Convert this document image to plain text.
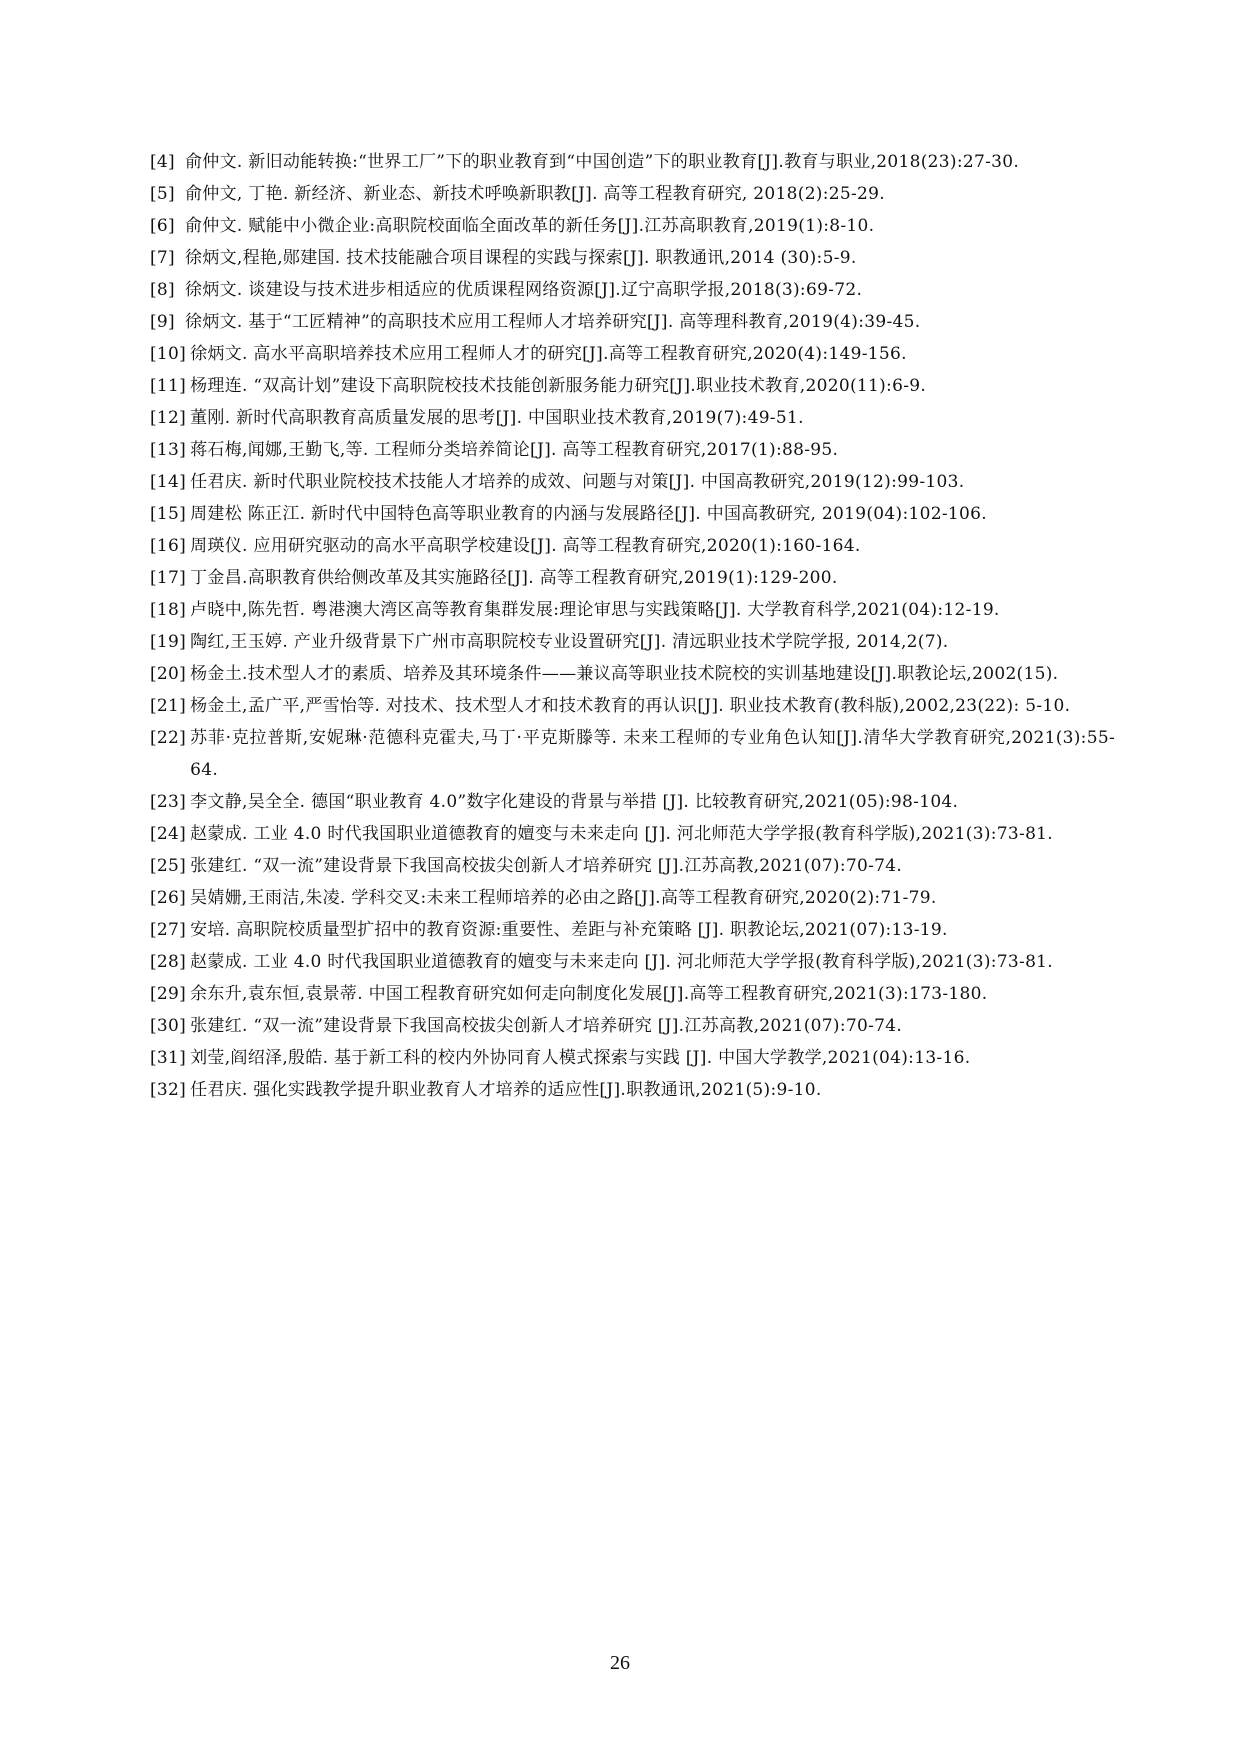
[4] 俞仲文. 新旧动能转换:“世界工厂”下的职业教育到“中国创造”下的职业教育[J].教育与职业,2018(23):27-30.
[5] 俞仲文, 丁艳. 新经济、新业态、新技术呼唤新职教[J]. 高等工程教育研究, 2018(2):25-29.
[6] 俞仲文. 赋能中小微企业:高职院校面临全面改革的新任务[J].江苏高职教育,2019(1):8-10.
[7] 徐炳文,程艳,郧建国. 技术技能融合项目课程的实践与探索[J]. 职教通讯,2014 (30):5-9.
[8] 徐炳文. 谈建设与技术进步相适应的优质课程网络资源[J].辽宁高职学报,2018(3):69-72.
[9] 徐炳文. 基于“工匠精神”的高职技术应用工程师人才培养研究[J]. 高等理科教育,2019(4):39-45.
[10] 徐炳文. 高水平高职培养技术应用工程师人才的研究[J].高等工程教育研究,2020(4):149-156.
[11] 杨理连. “双高计划”建设下高职院校技术技能创新服务能力研究[J].职业技术教育,2020(11):6-9.
[12] 董刚. 新时代高职教育高质量发展的思考[J]. 中国职业技术教育,2019(7):49-51.
[13] 蒋石梅,闻娜,王勤飞,等. 工程师分类培养简论[J]. 高等工程教育研究,2017(1):88-95.
[14] 任君庆. 新时代职业院校技术技能人才培养的成效、问题与对策[J]. 中国高教研究,2019(12):99-103.
[15] 周建松 陈正江. 新时代中国特色高等职业教育的内涵与发展路径[J]. 中国高教研究, 2019(04):102-106.
[16] 周瑛仪. 应用研究驱动的高水平高职学校建设[J]. 高等工程教育研究,2020(1):160-164.
[17] 丁金昌.高职教育供给侧改革及其实施路径[J]. 高等工程教育研究,2019(1):129-200.
[18] 卢晓中,陈先哲. 粤港澳大湾区高等教育集群发展:理论审思与实践策略[J]. 大学教育科学,2021(04):12-19.
[19] 陶红,王玉婷. 产业升级背景下广州市高职院校专业设置研究[J]. 清远职业技术学院学报, 2014,2(7).
[20] 杨金土.技术型人才的素质、培养及其环境条件——兼议高等职业技术院校的实训基地建设[J].职教论坛,2002(15).
[21] 杨金土,孟广平,严雪怡等. 对技术、技术型人才和技术教育的再认识[J]. 职业技术教育(教科版),2002,23(22): 5-10.
[22] 苏菲·克拉普斯,安妮琳·范德科克霍夫,马丁·平克斯滕等. 未来工程师的专业角色认知[J].清华大学教育研究,2021(3):55-64.
[23] 李文静,吴全全. 德国“职业教育 4.0”数字化建设的背景与举措 [J]. 比较教育研究,2021(05):98-104.
[24] 赵蒙成. 工业 4.0 时代我国职业道德教育的嬗变与未来走向 [J]. 河北师范大学学报(教育科学版),2021(3):73-81.
[25] 张建红. “双一流”建设背景下我国高校拔尖创新人才培养研究 [J].江苏高教,2021(07):70-74.
[26] 吴婧姗,王雨洁,朱凌. 学科交叉:未来工程师培养的必由之路[J].高等工程教育研究,2020(2):71-79.
[27] 安培. 高职院校质量型扩招中的教育资源:重要性、差距与补充策略 [J]. 职教论坛,2021(07):13-19.
[28] 赵蒙成. 工业 4.0 时代我国职业道德教育的嬗变与未来走向 [J]. 河北师范大学学报(教育科学版),2021(3):73-81.
[29] 余东升,袁东恒,袁景蒂. 中国工程教育研究如何走向制度化发展[J].高等工程教育研究,2021(3):173-180.
[30] 张建红. “双一流”建设背景下我国高校拔尖创新人才培养研究 [J].江苏高教,2021(07):70-74.
[31] 刘莹,阎绍泽,殷皓. 基于新工科的校内外协同育人模式探索与实践 [J]. 中国大学教学,2021(04):13-16.
[32] 任君庆. 强化实践教学提升职业教育人才培养的适应性[J].职教通讯,2021(5):9-10.
26
